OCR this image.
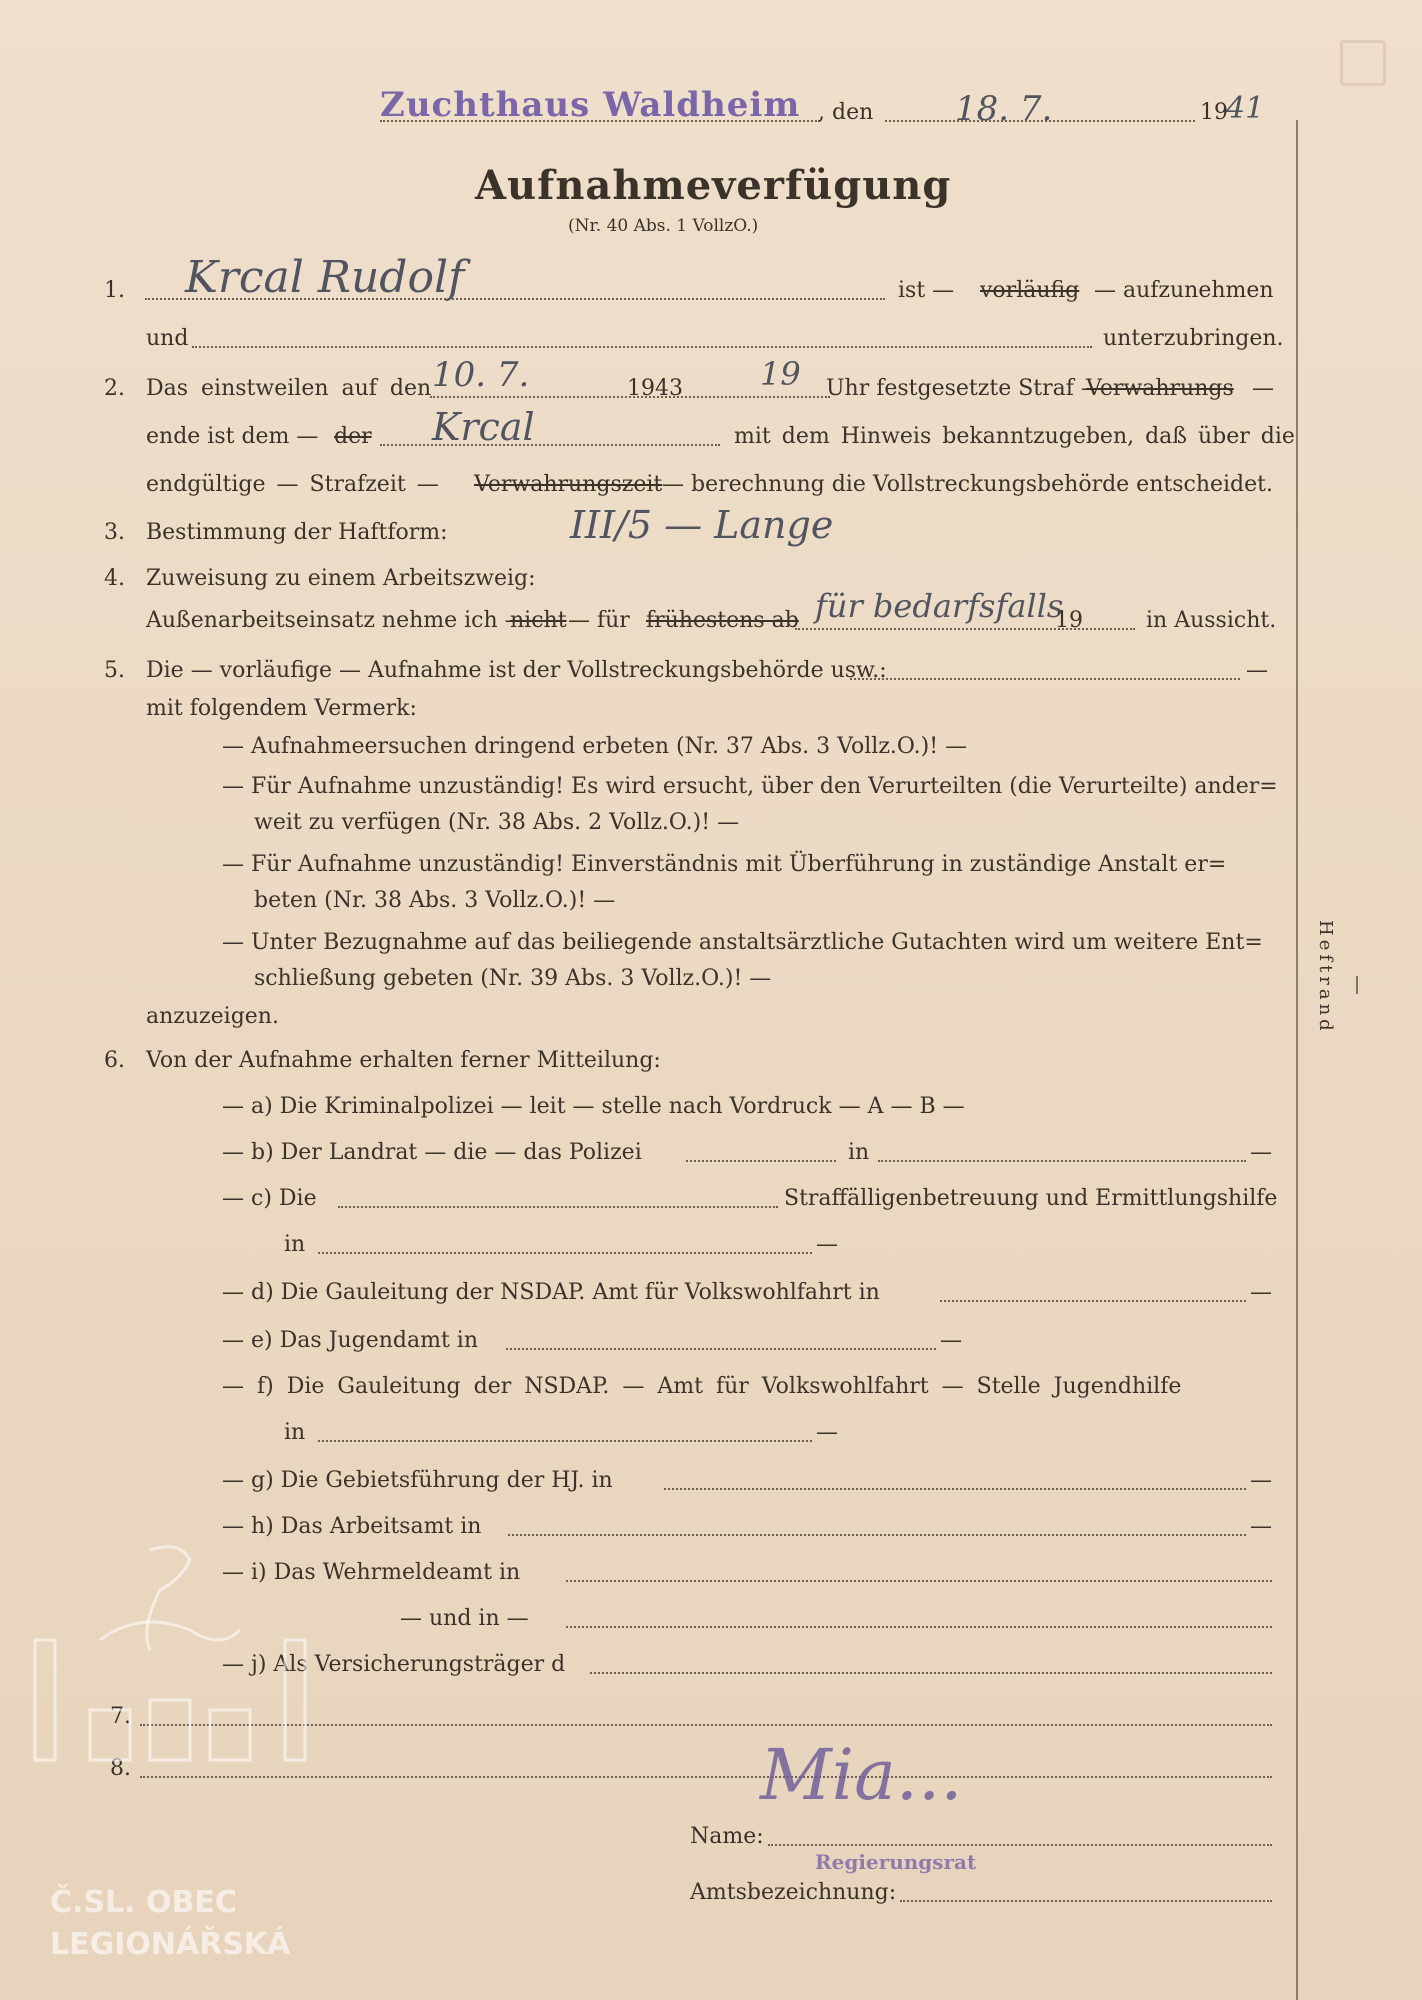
Zuchthaus Waldheim , den 18. 7.	19
41
Aufnahmeverfügung
(Nr. 40 Abs. 1 VollzO.)
1. Krcal Rudolf	ist — vorläufig — aufzunehmen
und	unterzubringen.
2. Das einstweilen auf den 10. 7.	1943 19 Uhr festgesetzte Straf —
Verwahrungs —
ende ist dem — der Krcal	mit dem Hinweis bekanntzugeben, daß über die
endgültige — Strafzeit — Verwahrungszeit — berechnung die Vollstreckungsbehörde entscheidet.
3. Bestimmung der Haftform:	III/5 — Lange
4. Zuweisung zu einem Arbeitszweig:
Außenarbeitseinsatz nehme ich —
nicht — für frühestens ab für bedarfsfalls
19	in Aussicht.
5. Die — vorläufige — Aufnahme ist der Vollstreckungsbehörde usw.:	—
mit folgendem Vermerk:
— Aufnahmeersuchen dringend erbeten (Nr. 37 Abs. 3 Vollz.O.)! —
— Für Aufnahme unzuständig! Es wird ersucht, über den Verurteilten (die Verurteilte) ander=
weit zu verfügen (Nr. 38 Abs. 2 Vollz.O.)! —
— Für Aufnahme unzuständig! Einverständnis mit Überführung in zuständige Anstalt er=
beten (Nr. 38 Abs. 3 Vollz.O.)! —
— Unter Bezugnahme auf das beiliegende anstaltsärztliche Gutachten wird um weitere Ent=
schließung gebeten (Nr. 39 Abs. 3 Vollz.O.)! —
anzuzeigen.
6. Von der Aufnahme erhalten ferner Mitteilung:
— a) Die Kriminalpolizei — leit — stelle nach Vordruck — A — B —
— b) Der Landrat — die — das Polizei	in	—
— c) Die	Straffälligenbetreuung und Ermittlungshilfe
in	—
— d) Die Gauleitung der NSDAP. Amt für Volkswohlfahrt in	—
— e) Das Jugendamt in	—
— f) Die Gauleitung der NSDAP. — Amt für Volkswohlfahrt — Stelle Jugendhilfe
in	—
— g) Die Gebietsführung der HJ. in	—
— h) Das Arbeitsamt in	—
— i) Das Wehrmeldeamt in
— und in —
— j) Als Versicherungsträger d
7.
8.
Name:
Mia...
Regierungsrat
Amtsbezeichnung:
Heftrand
Č.SL. OBEC
LEGIONÁŘSKÁ
